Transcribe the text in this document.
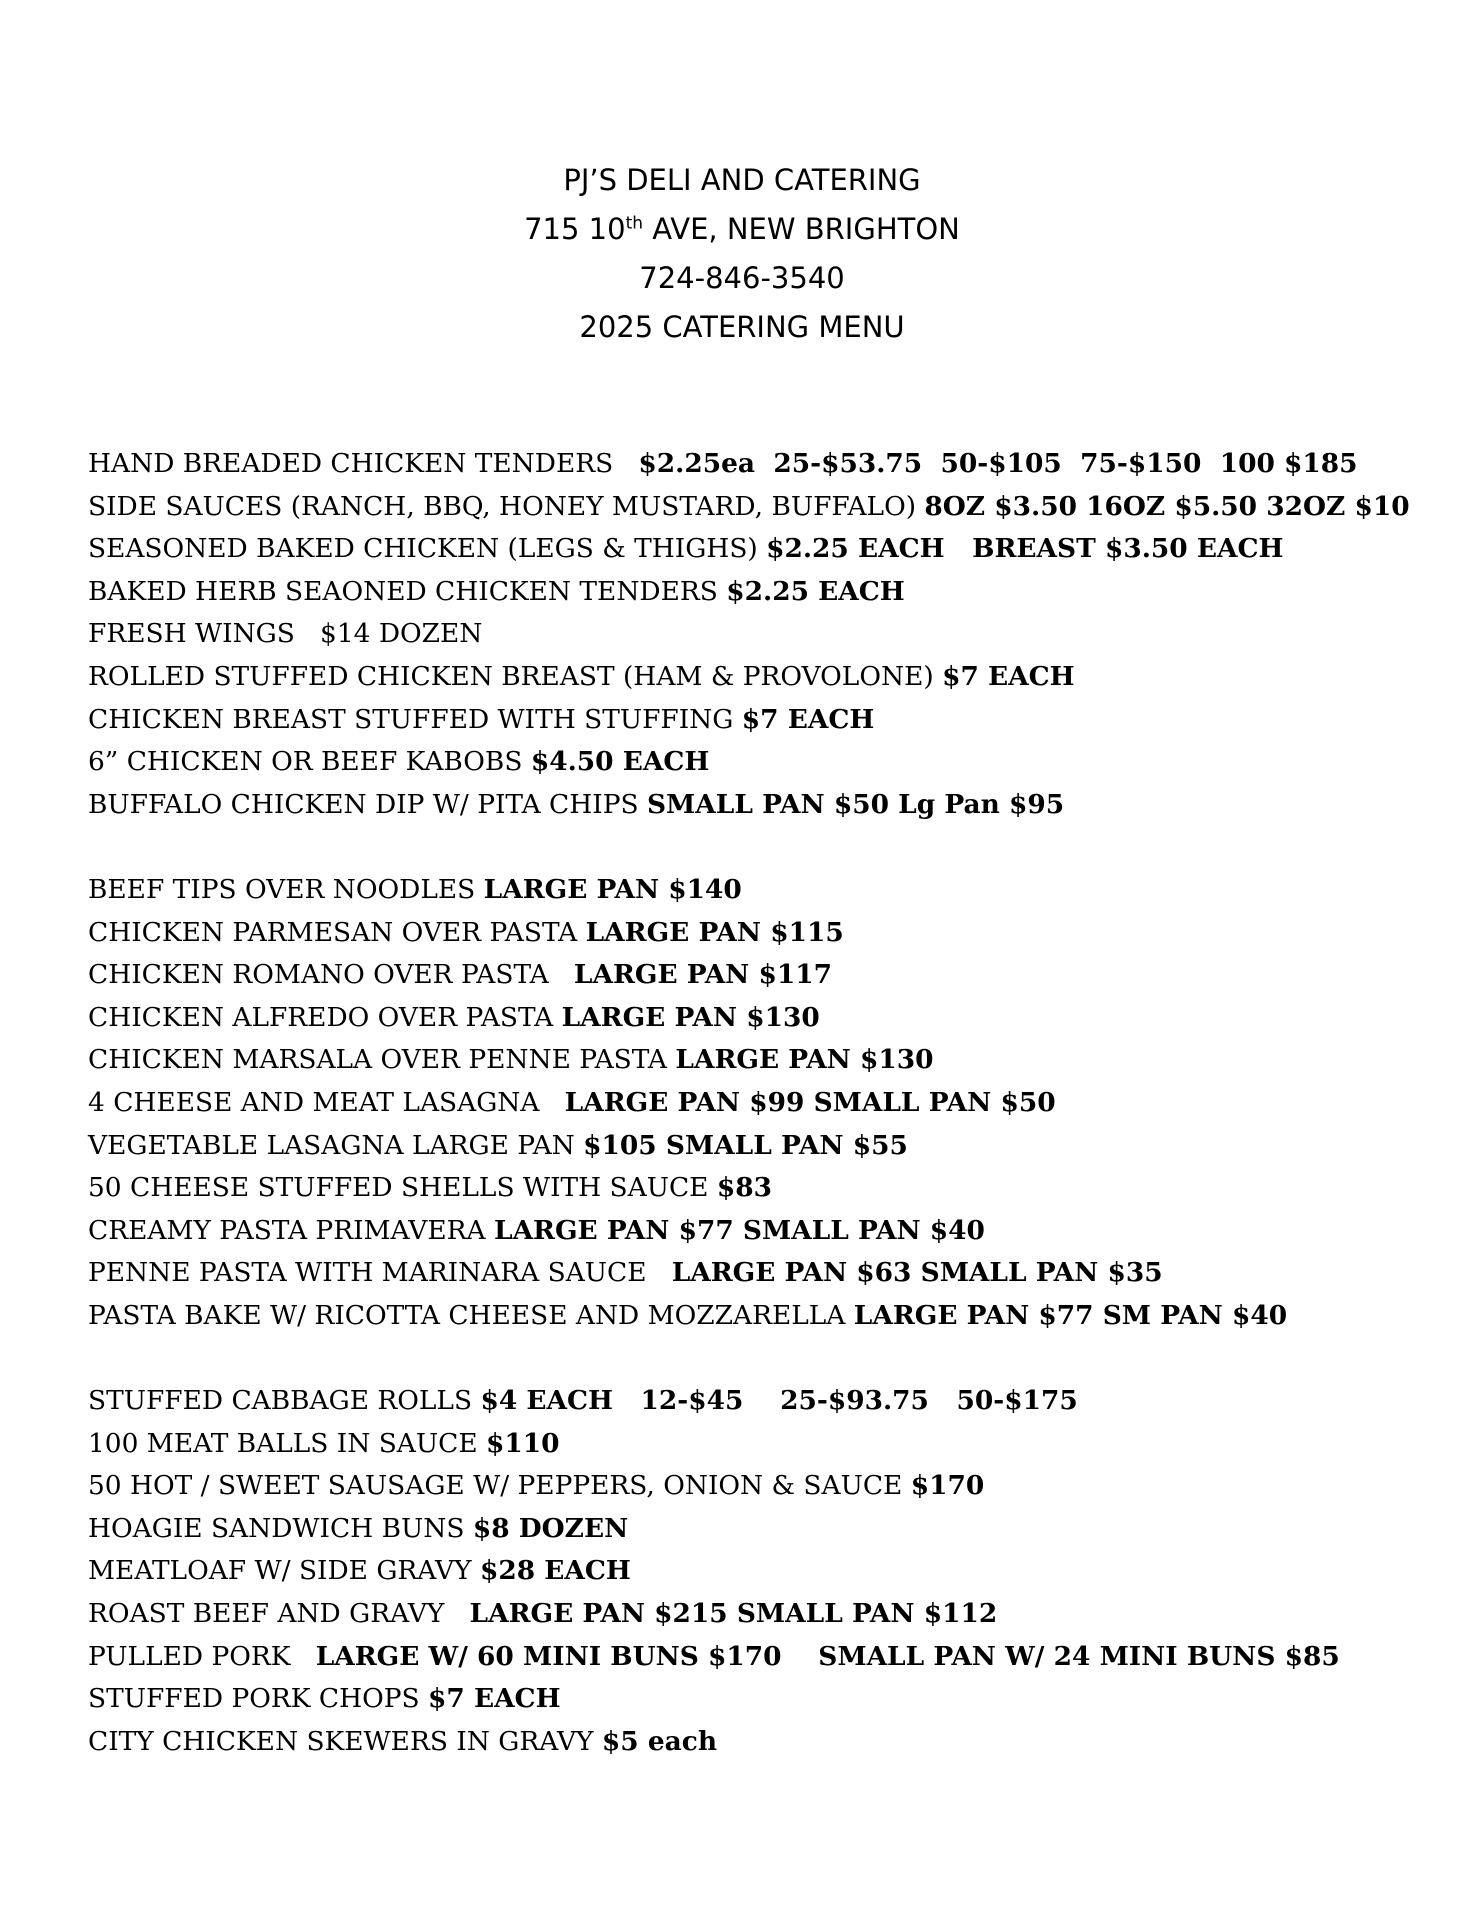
PJ’S DELI AND CATERING
715 10th AVE, NEW BRIGHTON
724-846-3540
2025 CATERING MENU
HAND BREADED CHICKEN TENDERS   $2.25ea  25-$53.75  50-$105  75-$150  100 $185
SIDE SAUCES (RANCH, BBQ, HONEY MUSTARD, BUFFALO) 8OZ $3.50 16OZ $5.50 32OZ $10
SEASONED BAKED CHICKEN (LEGS & THIGHS) $2.25 EACH   BREAST $3.50 EACH
BAKED HERB SEAONED CHICKEN TENDERS $2.25 EACH
FRESH WINGS   $14 DOZEN
ROLLED STUFFED CHICKEN BREAST (HAM & PROVOLONE) $7 EACH
CHICKEN BREAST STUFFED WITH STUFFING $7 EACH
6” CHICKEN OR BEEF KABOBS $4.50 EACH
BUFFALO CHICKEN DIP W/ PITA CHIPS SMALL PAN $50 Lg Pan $95
BEEF TIPS OVER NOODLES LARGE PAN $140
CHICKEN PARMESAN OVER PASTA LARGE PAN $115
CHICKEN ROMANO OVER PASTA   LARGE PAN $117
CHICKEN ALFREDO OVER PASTA LARGE PAN $130
CHICKEN MARSALA OVER PENNE PASTA LARGE PAN $130
4 CHEESE AND MEAT LASAGNA   LARGE PAN $99 SMALL PAN $50
VEGETABLE LASAGNA LARGE PAN $105 SMALL PAN $55
50 CHEESE STUFFED SHELLS WITH SAUCE $83
CREAMY PASTA PRIMAVERA LARGE PAN $77 SMALL PAN $40
PENNE PASTA WITH MARINARA SAUCE   LARGE PAN $63 SMALL PAN $35
PASTA BAKE W/ RICOTTA CHEESE AND MOZZARELLA LARGE PAN $77 SM PAN $40
STUFFED CABBAGE ROLLS $4 EACH   12-$45    25-$93.75   50-$175
100 MEAT BALLS IN SAUCE $110
50 HOT / SWEET SAUSAGE W/ PEPPERS, ONION & SAUCE $170
HOAGIE SANDWICH BUNS $8 DOZEN
MEATLOAF W/ SIDE GRAVY $28 EACH
ROAST BEEF AND GRAVY   LARGE PAN $215 SMALL PAN $112
PULLED PORK   LARGE W/ 60 MINI BUNS $170    SMALL PAN W/ 24 MINI BUNS $85
STUFFED PORK CHOPS $7 EACH
CITY CHICKEN SKEWERS IN GRAVY $5 each
